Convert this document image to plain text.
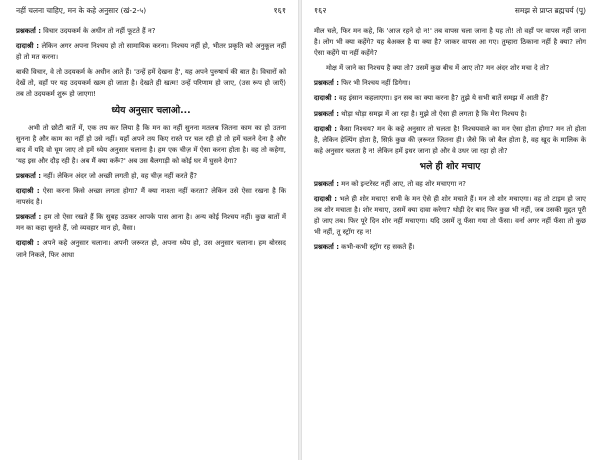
नहीं चलना चाहिए, मन के कहे अनुसार (खं-2-५)	१६१

प्रश्नकर्ता : विचार उदयकर्म के अधीन तो नहीं फूटते हैं न?

दादाश्री : लेकिन अगर अपना निश्चय हो तो सामायिक करना। निश्चय नहीं हो, भीतर प्रकृति को अनुकूल नहीं हो तो मत करना।

बाकी विचार, वे तो उदयकर्म के अधीन आते हैं। 'उन्हें हमें देखना है', यह अपने पुरुषार्थ की बात है। विचारों को देखें तो, वहाँ पर यह उदयकर्म खत्म हो जाता है। देखते ही खत्म! उन्हें परिणाम हो जाए, (उस रूप हो जाएँ) तब तो उदयकर्म शुरू हो जाएगा!

ध्येय अनुसार चलाओ...

अभी तो छोटी बातें में, एक तय कर लिया है कि मन का नहीं सुनना मतलब जितना काम का हो उतना सुनना है और काम का नहीं हो उसे नहीं। यहाँ अपने तय किए रास्ते पर चल रही हो तो हमें चलने देना है और बाद में यदि वो घूम जाए तो हमें ध्येय अनुसार चलाना है। हम एक चीज़ में ऐसा करना होता है। वह तो कहेगा, 'यह इस और दौड़ रही है। अब मैं क्या करूँ?' अब उस बैलगाड़ी को कोई घर में घुसने देगा?

प्रश्नकर्ता : नहीं। लेकिन अंदर जो अच्छी लगती हो, वह चीज़ नहीं करते हैं?

दादाश्री : ऐसा करना किसे अच्छा लगता होगा? मैं क्या नाश्ता नहीं करता? लेकिन उसे ऐसा रखना है कि नापसंद है।

प्रश्नकर्ता : हम तो ऐसा रखते हैं कि सुबह उठकर आपके पास आना है। अन्य कोई निश्चय नहीं। कुछ बातों में मन का कहा सुनते हैं, जो व्यवहार मान हो, वैसा।

दादाश्री : अपने कहे अनुसार चलाना। अपनी जरूरत हो, अपना ध्येय हो, उस अनुसार चलाना। हम बोरसद जाने निकले, फिर आधा

१६२	समझ से प्राप्त ब्रह्मचर्य (पू)

मील चले, फिर मन कहे, कि 'आज रहने दो न!' तब वापस चला जाना है यह तो! तो वहाँ पर वापस नहीं जाना है। लोग भी क्या कहेंगे? यह बेअक्ल है या क्या है? जाकर वापस आ गए। तुम्हारा ठिकाना नहीं है क्या? लोग ऐसा कहेंगे या नहीं कहेंगे?

मोक्ष में जाने का निश्चय है क्या तो? उसमें कुछ बीच में आए तो? मन अंदर शोर मचा दे तो?

प्रश्नकर्ता : फिर भी निश्चय नहीं डिगेगा।

दादाश्री : वह इंसान कहलाएगा। इन सब का क्या करना है? तुझे ये सभी बातें समझ में आती हैं?

प्रश्नकर्ता : थोड़ा थोड़ा समझ में आ रहा है। मुझे तो ऐसा ही लगता है कि मेरा निश्चय है।

दादाश्री : कैसा निश्चय? मन के कहे अनुसार तो चलता है! निश्चयवाले का मन ऐसा होता होगा? मन तो होता है, लेकिन हेल्पिंग होता है, सिर्फ़ कुछ की ज़रूरत जितना ही। जैसे कि जो बैल होता है, वह खूद के मालिक के कहे अनुसार चलता है न! लेकिन हमें इधर जाना हो और वे उधर जा रहा हो तो?

भले ही शोर मचाए

प्रश्नकर्ता : मन को इन्टरेस्ट नहीं आए, तो वह शोर मचाएगा न?

दादाश्री : भले ही शोर मचाए! सभी के मन ऐसे ही शोर मचाते हैं। मन तो शोर मचाएगा। वह तो टाइम हो जाए तब शोर मचाता है। शोर मचाए, उसमें क्या दावा करेगा? थोड़ी देर बाद फिर कुछ भी नहीं, जब उसकी मुद्दत पूरी हो जाए तब। फिर पूरे दिन शोर नहीं मचाएगा। यदि उसमें तू फँसा गया तो फँसा। वर्ना अगर नहीं फँसा तो कुछ भी नहीं, तू स्ट्रॉग रह न!

प्रश्नकर्ता : कभी-कभी स्ट्रॉग रह सकते हैं।
